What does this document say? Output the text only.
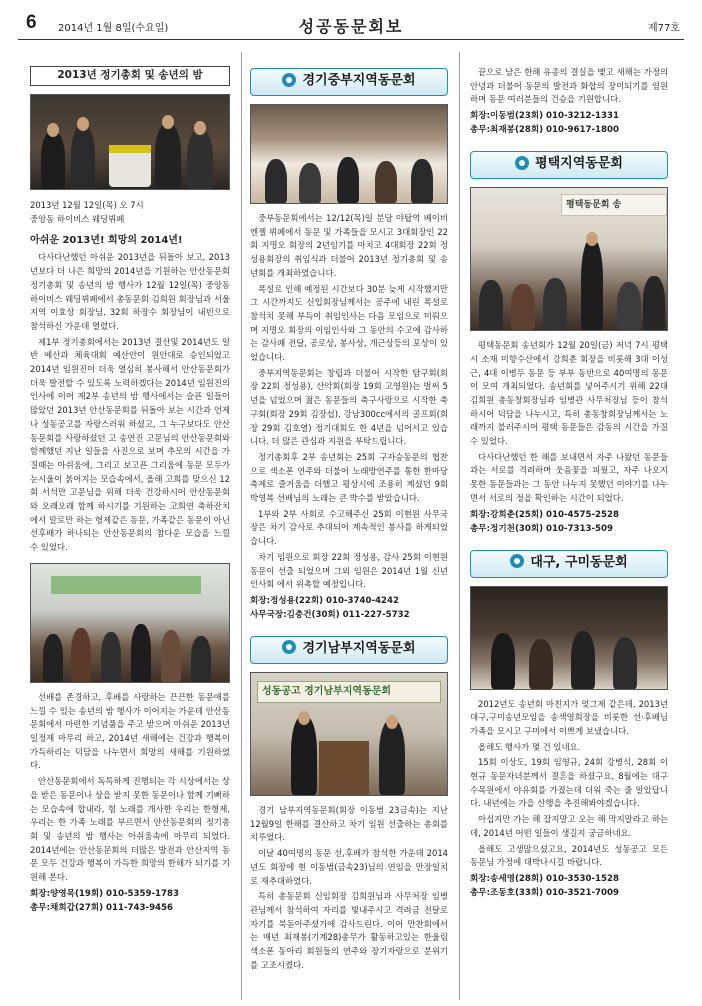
6 2014년 1월 8일(수요일)	성공동문회보	제77호
2013년 정기총회 및 송년의 밤
2013년 12월 12일(목) 오 7시
중앙동 하이비스 웨딩뷔페
아쉬운 2013년! 희망의 2014년!
다사다난했던 아쉬운 2013년을 뒤돌아 보고, 2013년보다 더 나은 희망의 2014년을 기원하는 안산동문회 정기총회 및 송년의 밤 행사가 12월 12일(목) 중앙동 하이비스 웨딩뷔페에서 총동문회 김희원 회장님과 서울지역 이효상 회장님, 32회 하장수 회장님이 내빈으로 참석하신 가운데 열렸다.
제1부 정기총회에서는 2013년 결산및 2014년도 일반 예산과 체육대회 예산안이 원안대로 승인되었고 2014년 임원진이 더욱 열심히 봉사해서 안산동문회가 더욱 발전할 수 있도록 노력하겠다는 2014년 임원진의 인사에 이어 제2부 송년의 밤 행사에서는 슬픈 일들이 많았던 2013년 안산동문회를 뒤돌아 보는 시간과 언제나 성동공고를 자랑스러워 하셨고, 그 누구보다도 안산동문회를 사랑하셨던 고 송연진 고문님의 안산동문회와 함께했던 지난 일들을 사진으로 보며 추모의 시간을 가질때는 아쉬움에, 그리고 보고픈 그리움에 동문 모두가 눈시울이 붉어지는 모습속에서, 올해 고희를 맞으신 12회 서석만 고문님을 위해 더욱 건강하시어 안산동문회와 오래오래 함께 하시기를 기원하는 고희연 축하잔치에서 말로만 하는 형제같은 동문, 가족같은 동문이 아닌 선후배가 하나되는 안산동문회의 참다운 모습을 느낄 수 있었다.
선배를 존경하고, 후배를 사랑하는 끈끈한 동문애를 느낄 수 있는 송년의 밤 행사가 이어지는 가운데 안산동문회에서 마련한 기념품을 주고 받으며 아쉬운 2013년 일정재 마무리 하고, 2014년 새해에는 건강과 행복이 가득하리는 덕담을 나누면서 희망의 새해를 기원하였다.
안산동문회에서 독특하게 진행되는 각 시상에서는 상을 받은 동문이나 상을 받지 못한 동문이나 함께 기뻐하는 모습속에 합내라, 힘 노래를 개사한 우리는 한형제, 우리는 한 가족 노래를 부르면서 안산동문회의 정기총회 및 송년의 밤 행사는 아쉬움속에 마무리 되었다. 2014년에는 안산동문회의 더많은 발전과 안산지역 동문 모두 건강과 행복이 가득한 희망의 한해가 되기를 기원해 본다.
회장:양영목(19회) 010-5359-1783
총무:채희갑(27회) 011-743-9456
경기중부지역동문회
중부동문회에서는 12/12(목)일 분당 야탑역 베이비엔젤 뷔페에서 동문 및 가족들을 모시고 3대회장인 22회 지명오 회장의 2년임기를 마치고 4대회장 22회 정성용회장의 취임식과 더불어 2013년 정기총회 및 송년회를 개최하였습니다.
폭설로 인해 예정된 시간보다 30분 늦게 시작했지만 그 시간까지도 신입회장님께서는 공주에 내린 폭설로 참석치 못해 부득이 취임인사는 다음 모임으로 미뤄으며 지명오 회장의 이임인사와 그 동안의 수고에 감사하는 감사패 전달, 공로상, 봉사상, 개근상등의 포상이 있었습니다.
중부지역동문회는 창립과 더불어 시작한 탐구회(회장 22회 정성용), 산악회(회장 19회 고영원)는 벌써 5년을 넘었으며 젊은 동문들의 축구사랑으로 시작한 축구회(회장 29회 김장섭), 강남300cc에서의 골프회(회장 29회 김호열) 정기대회도 한 4년을 넘어서고 있습니다. 더 많은 관심과 지원을 부탁드립니다.
정기총회후 2부 송년회는 25회 구자승동문의 협찬으로 색소폰 연주와 더불어 노래방연주를 통한 한마당축제로 즐거움을 더했고 평상시에 조용히 계셨던 9회 박영복 선배님의 노래는 큰 박수를 받았습니다.
1부와 2부 사회로 수고해주신 25회 이현원 사무국장은 차기 감사로 추대되어 계속적인 봉사를 하게되었습니다.
차기 임원으로 회장 22회 정성용, 감사 25회 이현원 동문이 선출 되었으며 그외 임원은 2014년 1월 신년인사회 에서 위촉할 예정입니다.
회장:정성용(22회) 010-3740-4242
사무국장:김충건(30회) 011-227-5732
경기남부지역동문회
성동공고 경기남부지역동문회
경기 남부지역동문회(회장 이동범 23금속)는 지난 12월9일 한해를 결산하고 차기 임원 선출하는 총회를 치루었다.
이날 40여명의 동문 선,후배가 참석한 가운데 2014년도 회장에 현 이동범(금속23)님의 연임을 만장일치로 재추대하였다.
특히 총동문회 신임회장 김희원님과 사무처장 임병관님께서 참석하여 자리를 빛내주시고 격려금 전달로 자기를 북돋아주셨기에 감사드린다. 이어 만찬회에서는 매년 최재봉(기계28)총무가 활동하고있는 한울림 색소폰 동아리 회원들의 연주와 장기자랑으로 분위기를 고조시켰다.
끝으로 남은 한해 유종의 결실을 맺고 새해는 가정의 안녕과 더불어 동문의 발전과 화합의 장이되기를 염원하며 동문 여러분들의 건승을 기원합니다.
회장:이동범(23회) 010-3212-1331
총무:최재봉(28회) 010-9617-1800
평택지역동문회
평택동문회 송
평택동문회 송년회가 12월 20일(금) 저녁 7시 평택시 소재 미향수산에서 강희춘 회장을 비롯해 3대 이성근, 4대 이병두 동문 등 부부 동반으로 40여명의 동문이 모여 개최되었다. 송년회를 넣어주시기 위해 22대 김희원 총동창회장님과 임병관 사무처장님 등이 참석하시어 덕담을 나누시고, 특히 총동창회장님께서는 노래까지 불러주시어 평택 동문들은 감동의 시간을 가질 수 있었다.
다사다난했던 한 해를 보내면서 자주 나왔던 동문들과는 서로를 격려하며 웃음꽃을 피웠고, 자주 나오지 못한 동문들과는 그 동안 나누지 못했던 이야기를 나누면서 서로의 정을 확인하는 시간이 되었다.
회장:강희춘(25회) 010-4575-2528
총무:정기천(30회) 010-7313-509
대구, 구미동문회
2012년도 송년회 마친지가 엊그제 같은데, 2013년 대구,구미송년모임을 송색영희장을 비롯한 선·후배님 가족을 모시고 구미에서 이쁘게 보냈습니다.
올해도 행사가 몇 건 있네요.
15회 이상도, 19회 임영규, 24회 강병식, 28회 이현규 동문자녀분께서 결혼을 하셨구요, 8월에는 대구 수목원에서 야유회를 가졌는데 더워 죽는 줄 알았답니다. 내년에는 가을 산행을 추진해봐야겠습니다.
아십지만 가는 해 잡지말고 오는 해 막지말라고 하는데, 2014년 어떤 일들이 생길지 궁금하네요.
올해도 고생많으셨고요, 2014년도 성동공고 모든 동문님 가정에 대박나시길 바랍니다.
회장:송세영(28회) 010-3530-1528
총무:조동호(33회) 010-3521-7009
